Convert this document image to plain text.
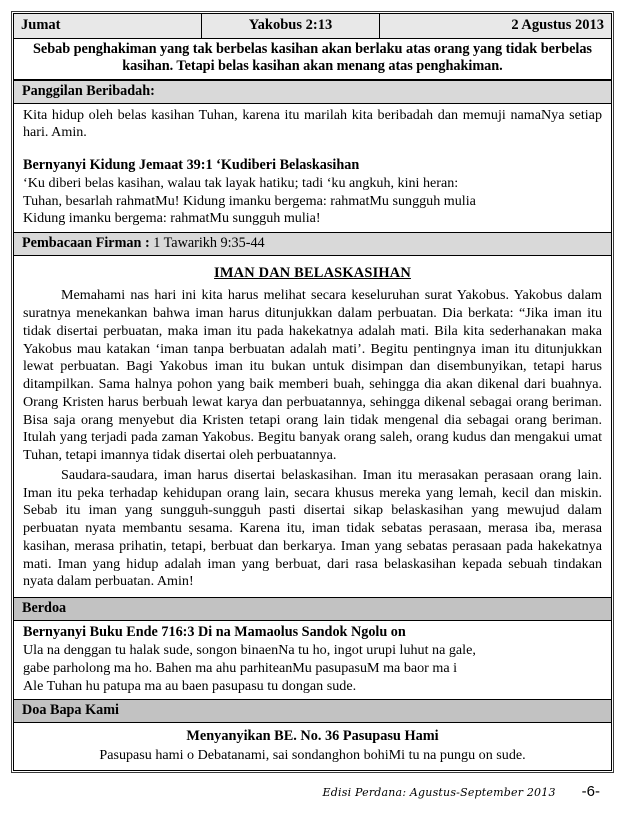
Jumat	Yakobus 2:13	2 Agustus 2013
Sebab penghakiman yang tak berbelas kasihan akan berlaku atas orang yang tidak berbelas kasihan. Tetapi belas kasihan akan menang atas penghakiman.
Panggilan Beribadah:
Kita hidup oleh belas kasihan Tuhan, karena itu marilah kita beribadah dan memuji namaNya setiap hari. Amin.
Bernyanyi Kidung Jemaat 39:1 ‘Kudiberi Belaskasihan
‘Ku diberi belas kasihan, walau tak layak hatiku; tadi ‘ku angkuh, kini heran:
Tuhan, besarlah rahmatMu! Kidung imanku bergema: rahmatMu sungguh mulia
Kidung imanku bergema: rahmatMu sungguh mulia!
Pembacaan Firman : 1 Tawarikh 9:35-44
IMAN DAN BELASKASIHAN
Memahami nas hari ini kita harus melihat secara keseluruhan surat Yakobus. Yakobus dalam suratnya menekankan bahwa iman harus ditunjukkan dalam perbuatan. Dia berkata: “Jika iman itu tidak disertai perbuatan, maka iman itu pada hakekatnya adalah mati. Bila kita sederhanakan maka Yakobus mau katakan ‘iman tanpa berbuatan adalah mati’. Begitu pentingnya iman itu ditunjukkan lewat perbuatan. Bagi Yakobus iman itu bukan untuk disimpan dan disembunyikan, tetapi harus ditampilkan. Sama halnya pohon yang baik memberi buah, sehingga dia akan dikenal dari buahnya. Orang Kristen harus berbuah lewat karya dan perbuatannya, sehingga dikenal sebagai orang beriman. Bisa saja orang menyebut dia Kristen tetapi orang lain tidak mengenal dia sebagai orang beriman. Itulah yang terjadi pada zaman Yakobus. Begitu banyak orang saleh, orang kudus dan mengakui umat Tuhan, tetapi imannya tidak disertai oleh perbuatannya.
Saudara-saudara, iman harus disertai belaskasihan. Iman itu merasakan perasaan orang lain. Iman itu peka terhadap kehidupan orang lain, secara khusus mereka yang lemah, kecil dan miskin. Sebab itu iman yang sungguh-sungguh pasti disertai sikap belaskasihan yang mewujud dalam perbuatan nyata membantu sesama. Karena itu, iman tidak sebatas perasaan, merasa iba, merasa kasihan, merasa prihatin, tetapi, berbuat dan berkarya. Iman yang sebatas perasaan pada hakekatnya mati. Iman yang hidup adalah iman yang berbuat, dari rasa belaskasihan kepada sebuah tindakan nyata dalam perbuatan. Amin!
Berdoa
Bernyanyi Buku Ende 716:3 Di na Mamaolus Sandok Ngolu on
Ula na denggan tu halak sude, songon binaenNa tu ho, ingot urupi luhut na gale,
gabe parholong ma ho. Bahen ma ahu parhiteanMu pasupasuM ma baor ma i
Ale Tuhan hu patupa ma au baen pasupasu tu dongan sude.
Doa Bapa Kami
Menyanyikan BE. No. 36 Pasupasu Hami
Pasupasu hami o Debatanami, sai sondanghon bohiMi tu na pungu on sude.
Edisi Perdana: Agustus-September 2013 -6-
